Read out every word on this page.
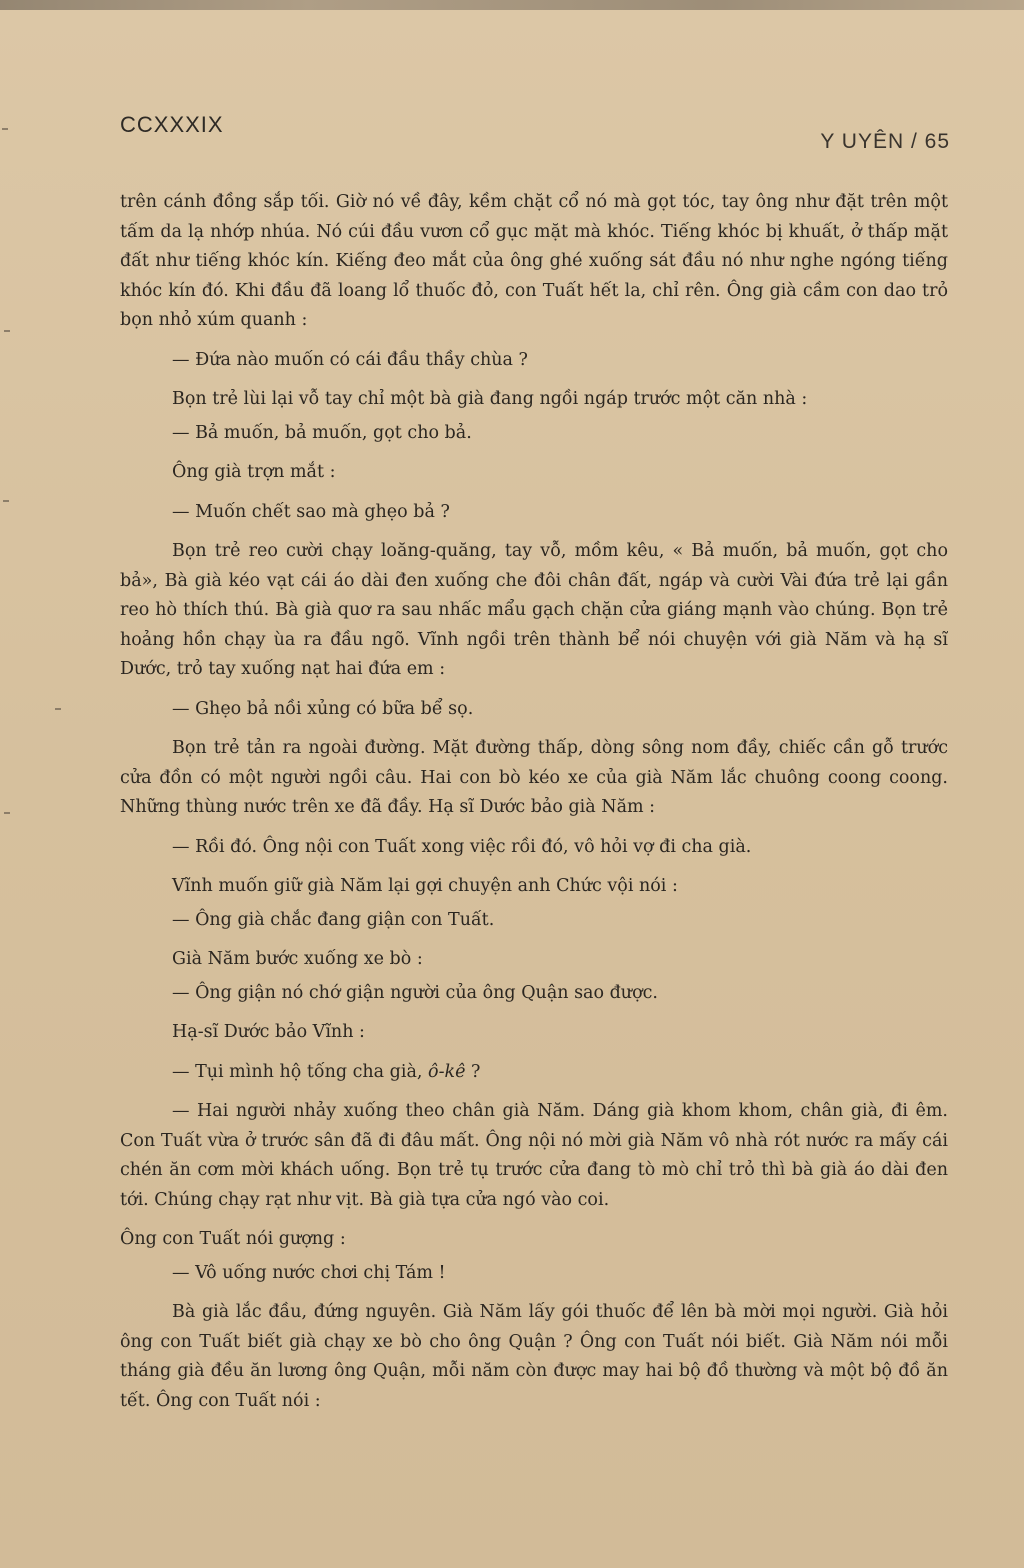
CCXXXIX
Y UYÊN / 65

trên cánh đồng sắp tối. Giờ nó về đây, kềm chặt cổ nó mà gọt tóc, tay ông như đặt trên một tấm da lạ nhớp nhúa. Nó cúi đầu vươn cổ gục mặt mà khóc. Tiếng khóc bị khuất, ở thấp mặt đất như tiếng khóc kín. Kiếng đeo mắt của ông ghé xuống sát đầu nó như nghe ngóng tiếng khóc kín đó. Khi đầu đã loang lổ thuốc đỏ, con Tuất hết la, chỉ rên. Ông già cầm con dao trỏ bọn nhỏ xúm quanh :

— Đứa nào muốn có cái đầu thầy chùa ?

Bọn trẻ lùi lại vỗ tay chỉ một bà già đang ngồi ngáp trước một căn nhà :

— Bả muốn, bả muốn, gọt cho bả.

Ông già trợn mắt :

— Muốn chết sao mà ghẹo bả ?

Bọn trẻ reo cười chạy loăng-quăng, tay vỗ, mồm kêu, « Bả muốn, bả muốn, gọt cho bả», Bà già kéo vạt cái áo dài đen xuống che đôi chân đất, ngáp và cười Vài đứa trẻ lại gần reo hò thích thú. Bà già quơ ra sau nhấc mẩu gạch chặn cửa giáng mạnh vào chúng. Bọn trẻ hoảng hồn chạy ùa ra đầu ngõ. Vĩnh ngồi trên thành bể nói chuyện với già Năm và hạ sĩ Dước, trỏ tay xuống nạt hai đứa em :

— Ghẹo bả nồi xủng có bữa bể sọ.

Bọn trẻ tản ra ngoài đường. Mặt đường thấp, dòng sông nom đầy, chiếc cần gỗ trước cửa đồn có một người ngồi câu. Hai con bò kéo xe của già Năm lắc chuông coong coong. Những thùng nước trên xe đã đầy. Hạ sĩ Dước bảo già Năm :

— Rồi đó. Ông nội con Tuất xong việc rồi đó, vô hỏi vợ đi cha già.

Vĩnh muốn giữ già Năm lại gợi chuyện anh Chức vội nói :

— Ông già chắc đang giận con Tuất.

Già Năm bước xuống xe bò :

— Ông giận nó chớ giận người của ông Quận sao được.

Hạ-sĩ Dước bảo Vĩnh :

— Tụi mình hộ tống cha già, ô-kê ?

— Hai người nhảy xuống theo chân già Năm. Dáng già khom khom, chân già, đi êm. Con Tuất vừa ở trước sân đã đi đâu mất. Ông nội nó mời già Năm vô nhà rót nước ra mấy cái chén ăn cơm mời khách uống. Bọn trẻ tụ trước cửa đang tò mò chỉ trỏ thì bà già áo dài đen tới. Chúng chạy rạt như vịt. Bà già tựa cửa ngó vào coi.

Ông con Tuất nói gượng :

— Vô uống nước chơi chị Tám !

Bà già lắc đầu, đứng nguyên. Già Năm lấy gói thuốc để lên bà mời mọi người. Già hỏi ông con Tuất biết già chạy xe bò cho ông Quận ? Ông con Tuất nói biết. Già Năm nói mỗi tháng già đều ăn lương ông Quận, mỗi năm còn được may hai bộ đồ thường và một bộ đồ ăn tết. Ông con Tuất nói :
